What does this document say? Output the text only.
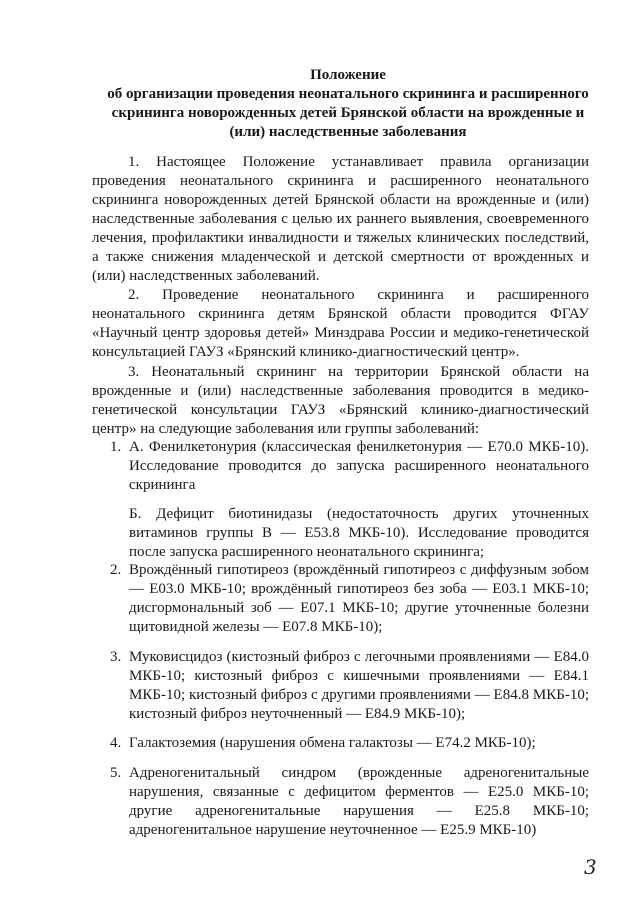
Положение
об организации проведения неонатального скрининга и расширенного
скрининга новорожденных детей Брянской области на врожденные и
(или) наследственные заболевания

1. Настоящее Положение устанавливает правила организации проведения неонатального скрининга и расширенного неонатального скрининга новорожденных детей Брянской области на врожденные и (или) наследственные заболевания с целью их раннего выявления, своевременного лечения, профилактики инвалидности и тяжелых клинических последствий, а также снижения младенческой и детской смертности от врожденных и (или) наследственных заболеваний.

2. Проведение неонатального скрининга и расширенного неонатального скрининга детям Брянской области проводится ФГАУ «Научный центр здоровья детей» Минздрава России и медико-генетической консультацией ГАУЗ «Брянский клинико-диагностический центр».

3. Неонатальный скрининг на территории Брянской области на врожденные и (или) наследственные заболевания проводится в медико-генетической консультации ГАУЗ «Брянский клинико-диагностический центр» на следующие заболевания или группы заболеваний:

1. А. Фенилкетонурия (классическая фенилкетонурия — Е70.0 МКБ-10). Исследование проводится до запуска расширенного неонатального скрининга
Б. Дефицит биотинидазы (недостаточность других уточненных витаминов группы В — Е53.8 МКБ-10). Исследование проводится после запуска расширенного неонатального скрининга;
2. Врождённый гипотиреоз (врождённый гипотиреоз с диффузным зобом — Е03.0 МКБ-10; врождённый гипотиреоз без зоба — Е03.1 МКБ-10; дисгормональный зоб — Е07.1 МКБ-10; другие уточненные болезни щитовидной железы — Е07.8 МКБ-10);
3. Муковисцидоз (кистозный фиброз с легочными проявлениями — Е84.0 МКБ-10; кистозный фиброз с кишечными проявлениями — Е84.1 МКБ-10; кистозный фиброз с другими проявлениями — Е84.8 МКБ-10; кистозный фиброз неуточненный — Е84.9 МКБ-10);
4. Галактоземия (нарушения обмена галактозы — Е74.2 МКБ-10);
5. Адреногенитальный синдром (врожденные адреногенитальные нарушения, связанные с дефицитом ферментов — Е25.0 МКБ-10; другие адреногенитальные нарушения — Е25.8 МКБ-10; адреногенитальное нарушение неуточненное — Е25.9 МКБ-10)
3
